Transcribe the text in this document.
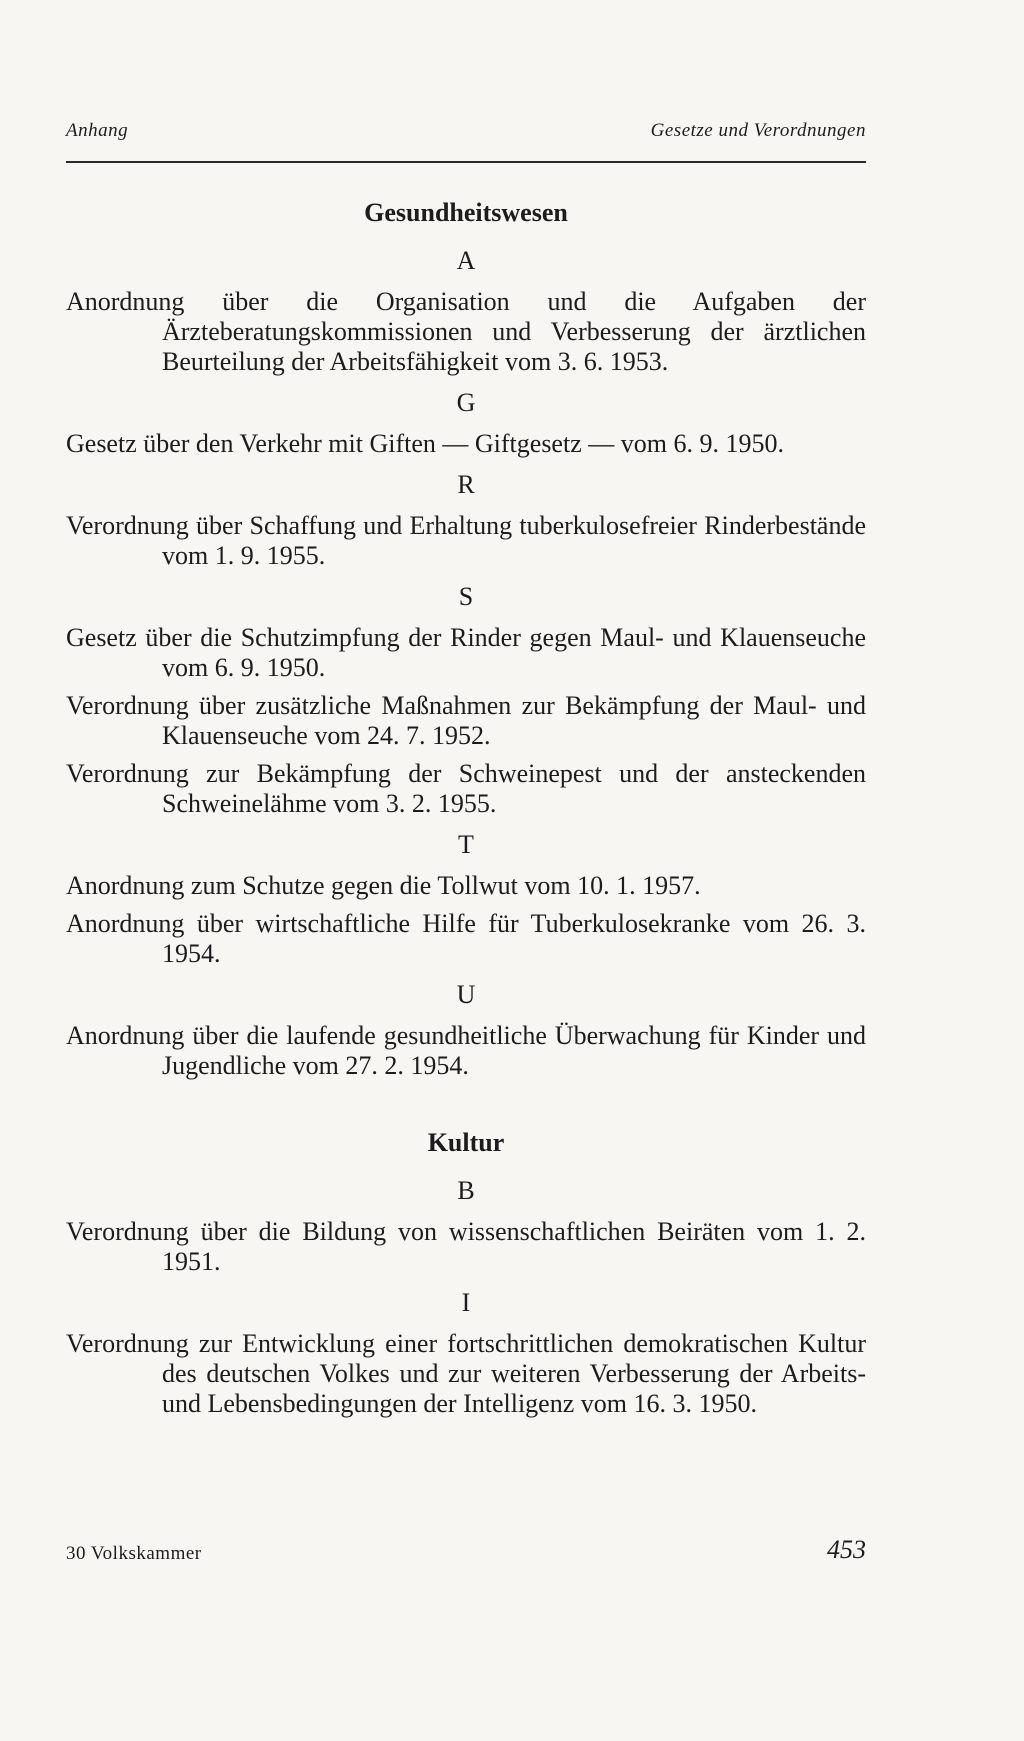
Anhang	Gesetze und Verordnungen
Gesundheitswesen
A
Anordnung über die Organisation und die Aufgaben der Ärzteberatungskommissionen und Verbesserung der ärztlichen Beurteilung der Arbeitsfähigkeit vom 3. 6. 1953.
G
Gesetz über den Verkehr mit Giften — Giftgesetz — vom 6. 9. 1950.
R
Verordnung über Schaffung und Erhaltung tuberkulosefreier Rinderbestände vom 1. 9. 1955.
S
Gesetz über die Schutzimpfung der Rinder gegen Maul- und Klauenseuche vom 6. 9. 1950.
Verordnung über zusätzliche Maßnahmen zur Bekämpfung der Maul- und Klauenseuche vom 24. 7. 1952.
Verordnung zur Bekämpfung der Schweinepest und der ansteckenden Schweinelähme vom 3. 2. 1955.
T
Anordnung zum Schutze gegen die Tollwut vom 10. 1. 1957.
Anordnung über wirtschaftliche Hilfe für Tuberkulosekranke vom 26. 3. 1954.
U
Anordnung über die laufende gesundheitliche Überwachung für Kinder und Jugendliche vom 27. 2. 1954.
Kultur
B
Verordnung über die Bildung von wissenschaftlichen Beiräten vom 1. 2. 1951.
I
Verordnung zur Entwicklung einer fortschrittlichen demokratischen Kultur des deutschen Volkes und zur weiteren Verbesserung der Arbeits- und Lebensbedingungen der Intelligenz vom 16. 3. 1950.
30 Volkskammer	453
